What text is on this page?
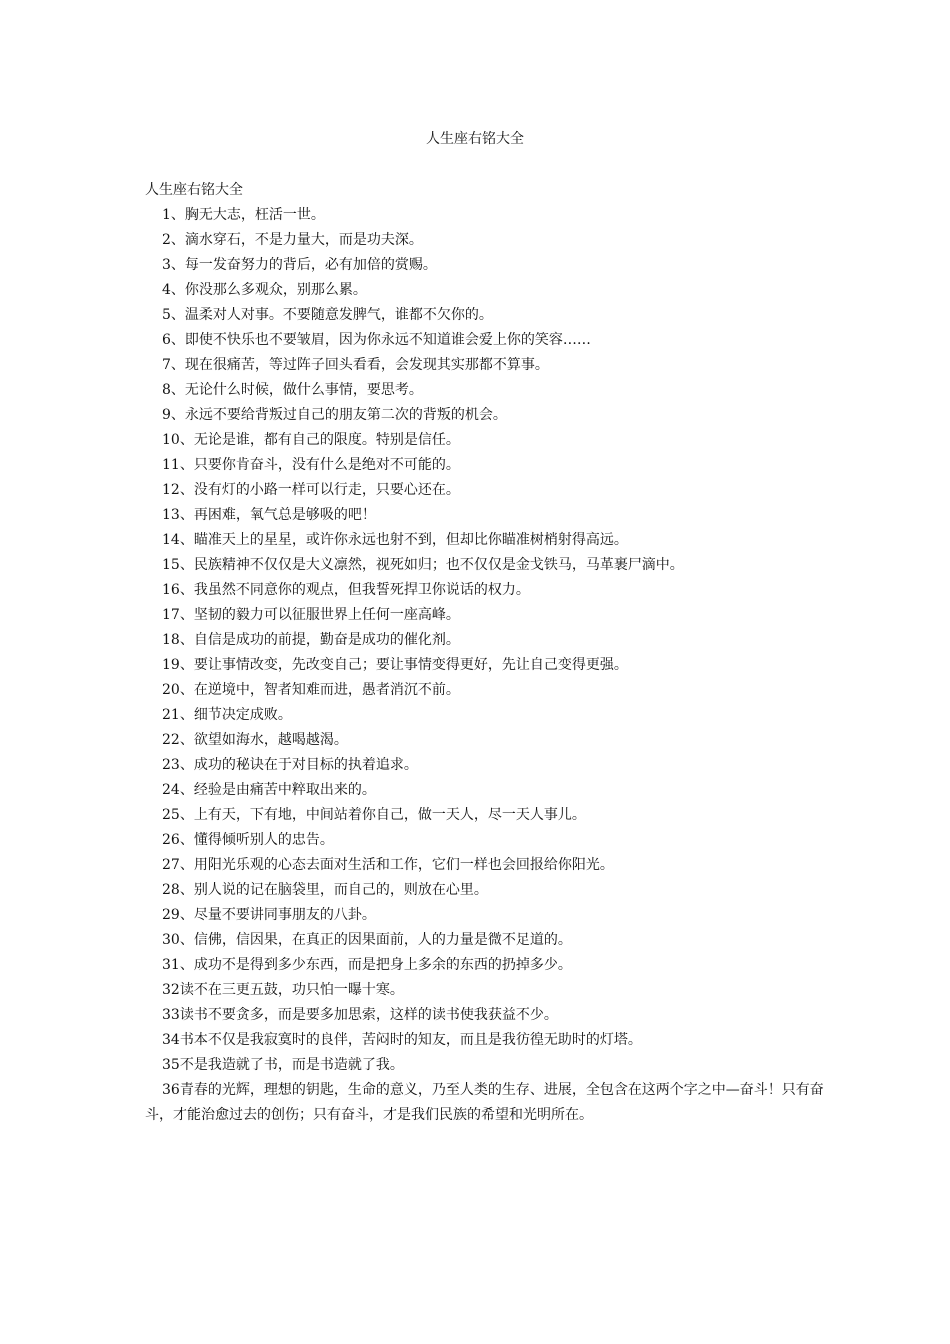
人生座右铭大全
人生座右铭大全
1、胸无大志，枉活一世。
2、滴水穿石，不是力量大，而是功夫深。
3、每一发奋努力的背后，必有加倍的赏赐。
4、你没那么多观众，别那么累。
5、温柔对人对事。不要随意发脾气，谁都不欠你的。
6、即使不快乐也不要皱眉，因为你永远不知道谁会爱上你的笑容……
7、现在很痛苦，等过阵子回头看看，会发现其实那都不算事。
8、无论什么时候，做什么事情，要思考。
9、永远不要给背叛过自己的朋友第二次的背叛的机会。
10、无论是谁，都有自己的限度。特别是信任。
11、只要你肯奋斗，没有什么是绝对不可能的。
12、没有灯的小路一样可以行走，只要心还在。
13、再困难，氧气总是够吸的吧！
14、瞄准天上的星星，或许你永远也射不到，但却比你瞄准树梢射得高远。
15、民族精神不仅仅是大义凛然，视死如归；也不仅仅是金戈铁马，马革裹尸滴中。
16、我虽然不同意你的观点，但我誓死捍卫你说话的权力。
17、坚韧的毅力可以征服世界上任何一座高峰。
18、自信是成功的前提，勤奋是成功的催化剂。
19、要让事情改变，先改变自己；要让事情变得更好，先让自己变得更强。
20、在逆境中，智者知难而进，愚者消沉不前。
21、细节决定成败。
22、欲望如海水，越喝越渴。
23、成功的秘诀在于对目标的执着追求。
24、经验是由痛苦中粹取出来的。
25、上有天，下有地，中间站着你自己，做一天人，尽一天人事儿。
26、懂得倾听别人的忠告。
27、用阳光乐观的心态去面对生活和工作，它们一样也会回报给你阳光。
28、别人说的记在脑袋里，而自己的，则放在心里。
29、尽量不要讲同事朋友的八卦。
30、信佛，信因果，在真正的因果面前，人的力量是微不足道的。
31、成功不是得到多少东西，而是把身上多余的东西的扔掉多少。
32读不在三更五鼓，功只怕一曝十寒。
33读书不要贪多，而是要多加思索，这样的读书使我获益不少。
34书本不仅是我寂寞时的良伴，苦闷时的知友，而且是我彷徨无助时的灯塔。
35不是我造就了书，而是书造就了我。
36青春的光辉，理想的钥匙，生命的意义，乃至人类的生存、进展，全包含在这两个字之中—奋斗！只有奋斗，才能治愈过去的创伤；只有奋斗，才是我们民族的希望和光明所在。
